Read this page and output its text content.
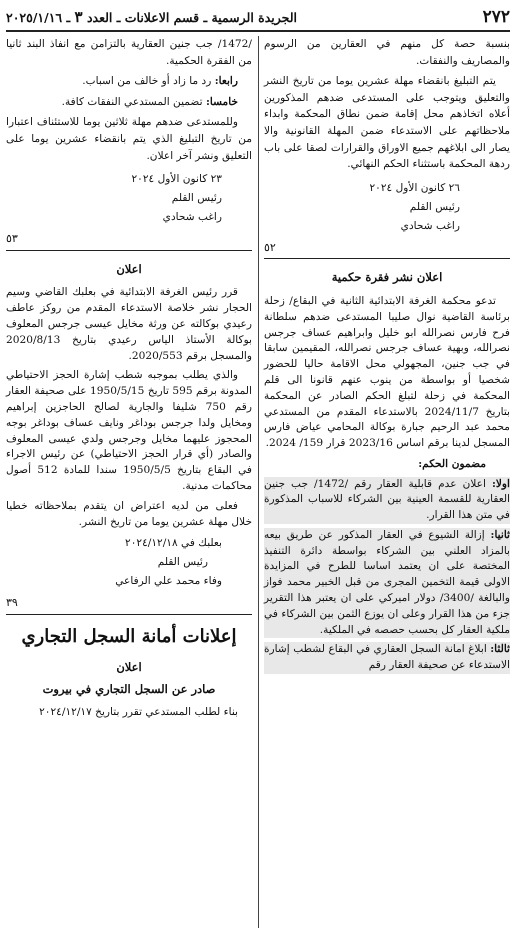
٢٧٢
الجريدة الرسمية ـ قسم الاعلانات ـ العدد ٣ ـ ٢٠٢٥/١/١٦

بنسبة حصة كل منهم في العقارين من الرسوم والمصاريف والنفقات.

يتم التبليغ بانقضاء مهلة عشرين يوما من تاريخ النشر والتعليق ويتوجب على المستدعى ضدهم المذكورين أعلاه اتخاذهم محل إقامة ضمن نطاق المحكمة وابداء ملاحظاتهم على الاستدعاء ضمن المهلة القانونية والا يصار الى ابلاغهم جميع الاوراق والقرارات لصقا على باب ردهة المحكمة باستثناء الحكم النهائي.

٢٦ كانون الأول ٢٠٢٤
رئيس القلم
راغب شحادي
٥٢
اعلان نشر فقرة حكمية

تدعو محكمة الغرفة الابتدائية الثانية في البقاع/ زحلة برئاسة القاضية نوال صليبا المستدعى ضدهم سلطانة فرح فارس نصرالله ابو خليل وابراهيم عساف جرجس نصرالله، وبهية عساف جرجس نصرالله، المقيمين سابقا في جب جنين، المجهولي محل الاقامة حاليا للحضور شخصيا أو بواسطة من ينوب عنهم قانونا الى قلم المحكمة في زحلة لتبلغ الحكم الصادر عن المحكمة بتاريخ 2024/11/7 بالاستدعاء المقدم من المستدعي محمد عبد الرحيم جبارة بوكالة المحامي عياض فارس المسجل لدينا برقم اساس 2023/16 قرار 159/ 2024.

مضمون الحكم:

اولا: اعلان عدم قابلية العقار رقم /1472/ جب جنين العقارية للقسمة العينية بين الشركاء للاسباب المذكورة في متن هذا القرار.

ثانيا: إزالة الشيوع في العقار المذكور عن طريق بيعه بالمزاد العلني بين الشركاء بواسطة دائرة التنفيذ المختصة على ان يعتمد اساسا للطرح في المزايدة الاولى قيمة التخمين المجرى من قبل الخبير محمد فواز والبالغة /3400/ دولار اميركي على ان يعتبر هذا التقرير جزء من هذا القرار وعلى ان يوزع الثمن بين الشركاء في ملكية العقار كل بحسب حصصه في الملكية.

ثالثا: ابلاغ امانة السجل العقاري في البقاع لشطب إشارة الاستدعاء عن صحيفة العقار رقم

/1472/ جب جنين العقارية بالتزامن مع انفاذ البند ثانيا من الفقرة الحكمية.

رابعا: رد ما زاد أو خالف من اسباب.

خامسا: تضمين المستدعي النفقات كافة.

وللمستدعى ضدهم مهلة ثلاثين يوما للاستئناف اعتبارا من تاريخ التبليغ الذي يتم بانقضاء عشرين يوما على التعليق ونشر آخر اعلان.

٢٣ كانون الأول ٢٠٢٤
رئيس القلم
راغب شحادي
٥٣
اعلان

قرر رئيس الغرفة الابتدائية في بعلبك القاضي وسيم الحجار نشر خلاصة الاستدعاء المقدم من روكز عاطف رعيدي بوكالته عن ورثة مخايل عيسى جرجس المعلوف بوكالة الأستاذ الياس رعيدي بتاريخ 2020/8/13 والمسجل برقم 2020/553.

والذي يطلب بموجبه شطب إشارة الحجز الاحتياطي المدونة برقم 595 تاريخ 1950/5/15 على صحيفة العقار رقم 750 شليفا والجارية لصالح الحاجزين إبراهيم ومخايل ولدا جرجس بوداغر ونايف عساف بوداغر بوجه المحجوز عليهما مخايل وجرجس ولدي عيسى المعلوف والصادر (أي قرار الحجز الاحتياطي) عن رئيس الاجراء في البقاع بتاريخ 1950/5/5 سندا للمادة 512 أصول محاكمات مدنية.

فعلى من لديه اعتراض ان يتقدم بملاحظاته خطيا خلال مهلة عشرين يوما من تاريخ النشر.

بعلبك في ٢٠٢٤/١٢/١٨
رئيس القلم
وفاء محمد علي الرفاعي
٣٩
إعلانات أمانة السجل التجاري
اعلان
صادر عن السجل التجاري في بيروت

بناء لطلب المستدعي تقرر بتاريخ ٢٠٢٤/١٢/١٧
